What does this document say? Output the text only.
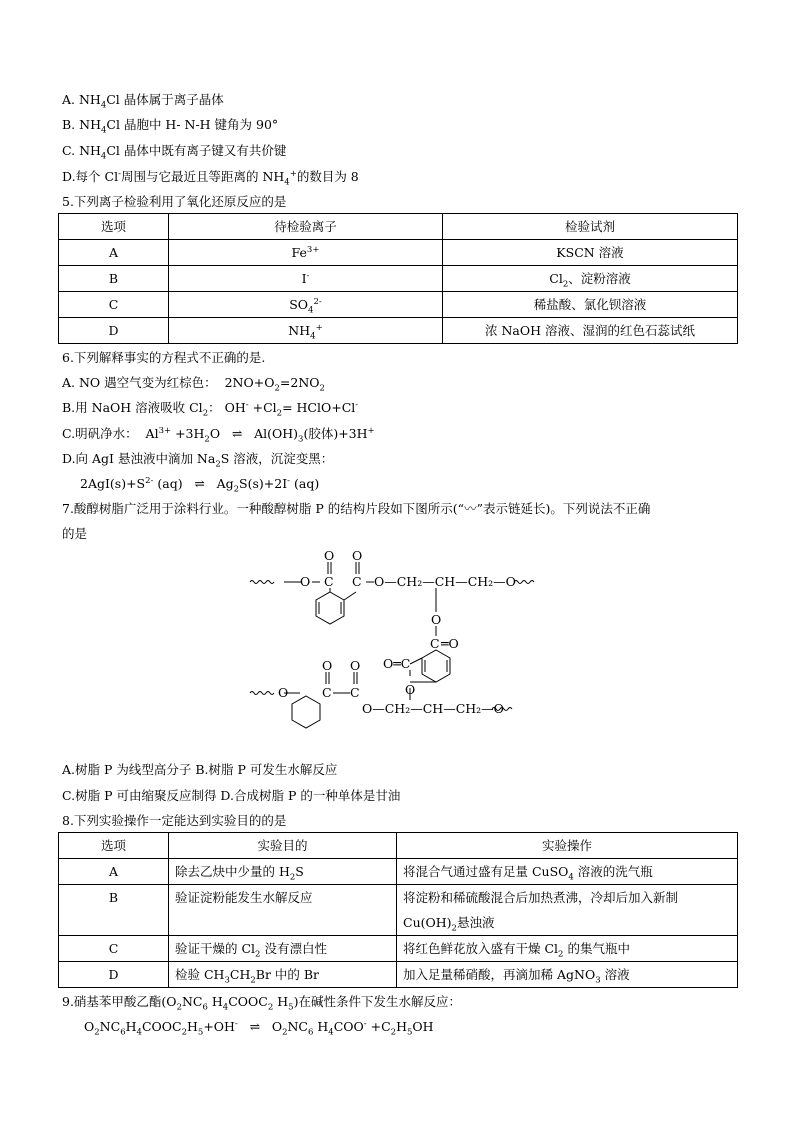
A. $NH_4Cl$ 晶体属于离子晶体
B. $NH_4Cl$ 晶胞中 H- N-H 键角为 90°
C. $NH_4Cl$ 晶体中既有离子键又有共价键
D.每个 Cl-周围与它最近且等距离的 $NH_4^+$的数目为 8
5.下列离子检验利用了氧化还原反应的是
选项	待检验离子	检验试剂
A	$Fe^{3+}$	KSCN 溶液
B	I-	$Cl_2$、淀粉溶液
C	$SO_4^{2-}$	稀盐酸、氯化钡溶液
D	$NH_4^+$	浓 NaOH 溶液、湿润的红色石蕊试纸
6.下列解释事实的方程式不正确的是.
A. NO 遇空气变为红棕色： $2NO+O_2=2NO_2$
B.用 NaOH 溶液吸收 $Cl_2$： $OH^- +Cl_2=$ HClO+Cl-
C.明矾净水： $Al^{3+} +3H_2O$ ⇌ $Al(OH)_3$(胶体)+3H+
D.向 AgI 悬浊液中滴加 $Na_2S$ 溶液，沉淀变黑：
$2AgI(s)+S^{2-}$ (aq) ⇌ $Ag_2S(s)+2I^-$ (aq)
7.酸醇树脂广泛用于涂料行业。一种酸醇树脂 P 的结构片段如下图所示(“〰”表示链延长)。下列说法不正确
的是
O
O C
O
C O—CH₂—CH—CH₂—O
O
C ═O
O═C
O
O
O	C
O
C
O—CH₂—CH—CH₂—O
A.树脂 P 为线型高分子 B.树脂 P 可发生水解反应
C.树脂 P 可由缩聚反应制得 D.合成树脂 P 的一种单体是甘油
8.下列实验操作一定能达到实验目的的是
选项	实验目的	实验操作
A	除去乙炔中少量的 $H_2S$	将混合气通过盛有足量 CuSO$_4$ 溶液的洗气瓶
B	验证淀粉能发生水解反应	将淀粉和稀硫酸混合后加热煮沸，冷却后加入新制
$Cu(OH)_2$悬浊液

C	验证干燥的 $Cl_2$ 没有漂白性	将红色鲜花放入盛有干燥 $Cl_2$ 的集气瓶中
D	检验 $CH_3CH_2Br$ 中的 Br	加入足量稀硝酸，再滴加稀 AgNO$_3$ 溶液
9.硝基苯甲酸乙酯($O_2NC_6$ $H_4COOC_2$ $H_5$)在碱性条件下发生水解反应：
$O_2NC_6H_4COOC_2H_5+OH^-$ ⇌ $O_2NC_6$ $H_4COO^- +C_2H_5OH$
